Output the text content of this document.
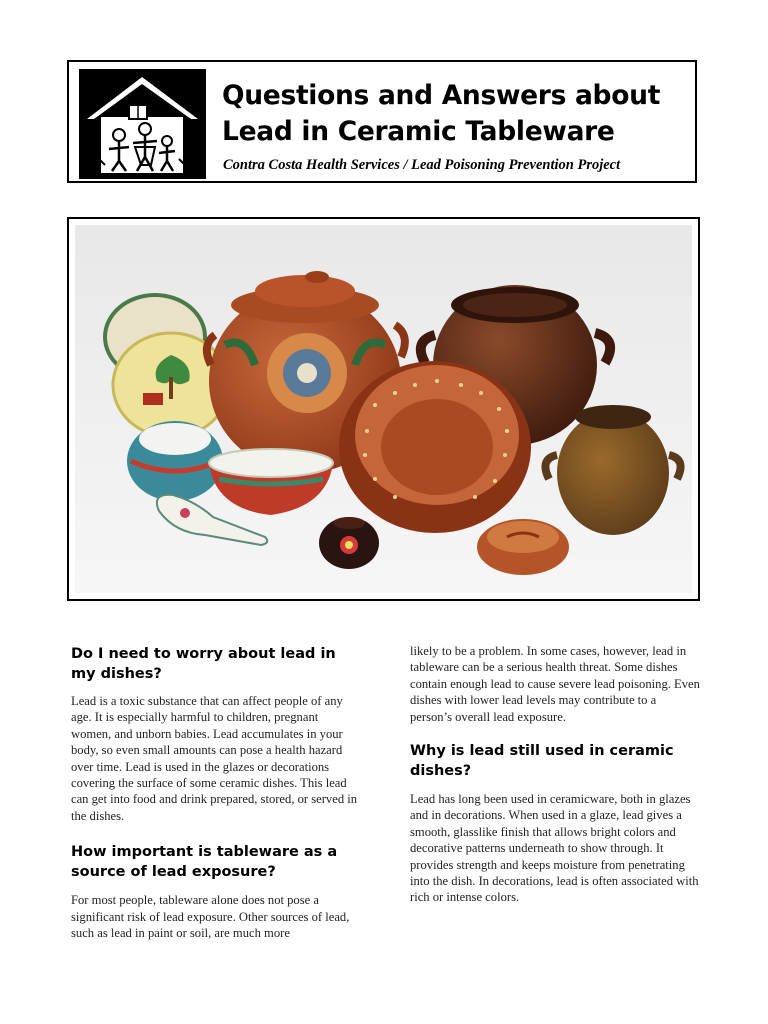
Questions and Answers about Lead in Ceramic Tableware
Contra Costa Health Services / Lead Poisoning Prevention Project
Do I need to worry about lead in my dishes?

Lead is a toxic substance that can affect people of any age. It is especially harmful to children, pregnant women, and unborn babies. Lead accumulates in your body, so even small amounts can pose a health hazard over time. Lead is used in the glazes or decorations covering the surface of some ceramic dishes. This lead can get into food and drink prepared, stored, or served in the dishes.

How important is tableware as a source of lead exposure?

For most people, tableware alone does not pose a significant risk of lead exposure. Other sources of lead, such as lead in paint or soil, are much more

likely to be a problem. In some cases, however, lead in tableware can be a serious health threat. Some dishes contain enough lead to cause severe lead poisoning. Even dishes with lower lead levels may contribute to a person’s overall lead exposure.

Why is lead still used in ceramic dishes?

Lead has long been used in ceramicware, both in glazes and in decorations. When used in a glaze, lead gives a smooth, glasslike finish that allows bright colors and decorative patterns underneath to show through. It provides strength and keeps moisture from penetrating into the dish. In decorations, lead is often associated with rich or intense colors.
